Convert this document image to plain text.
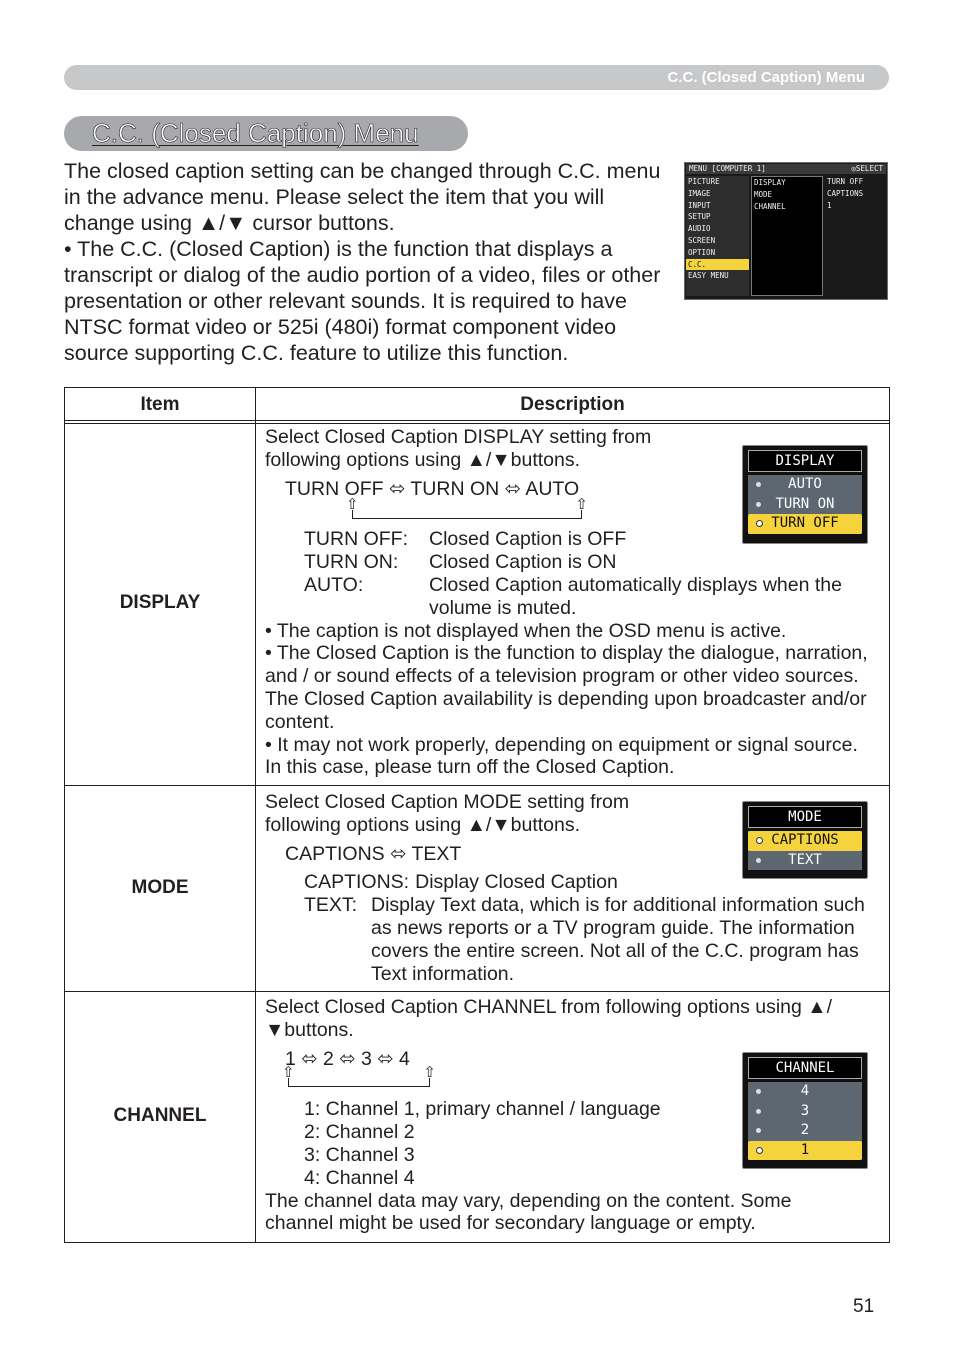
C.C. (Closed Caption) Menu
C.C. (Closed Caption) Menu

The closed caption setting can be changed through C.C. menu in the advance menu. Please select the item that you will change using ▲/▼ cursor buttons.

• The C.C. (Closed Caption) is the function that displays a transcript or dialog of the audio portion of a video, files or other presentation or other relevant sounds. It is required to have NTSC format video or 525i (480i) format component video source supporting C.C. feature to utilize this function.

MENU [COMPUTER 1]	◎SELECT
PICTURE
IMAGE
INPUT
SETUP
AUDIO
SCREEN
OPTION
C.C.
EASY MENU
DISPLAY
MODE
CHANNEL
TURN OFF
CAPTIONS
1
Item	Description
DISPLAY

Select Closed Caption DISPLAY setting from following options using ▲/▼buttons.

TURN OFF ⬄ TURN ON ⬄ AUTO

TURN OFF:	Closed Caption is OFF
TURN ON:	Closed Caption is ON
AUTO:	Closed Caption automatically displays when the volume is muted.

• The caption is not displayed when the OSD menu is active.

• The Closed Caption is the function to display the dialogue, narration, and / or sound effects of a television program or other video sources. The Closed Caption availability is depending upon broadcaster and/or content.

• It may not work properly, depending on equipment or signal source. In this case, please turn off the Closed Caption.

⇧ ⇧
MODE

Select Closed Caption MODE setting from following options using ▲/▼buttons.

CAPTIONS ⬄ TEXT

CAPTIONS: Display Closed Caption
TEXT: Display Text data, which is for additional information such as news reports or a TV program guide. The information covers the entire screen. Not all of the C.C. program has Text information.
CHANNEL

Select Closed Caption CHANNEL from following options using ▲/▼buttons.

1 ⬄ 2 ⬄ 3 ⬄ 4

1: Channel 1, primary channel / language
2: Channel 2
3: Channel 3
4: Channel 4

The channel data may vary, depending on the content. Some channel might be used for secondary language or empty.

⇧ ⇧
DISPLAY
AUTO
TURN ON
TURN OFF
MODE
CAPTIONS
TEXT
CHANNEL
4
3
2
1
51
